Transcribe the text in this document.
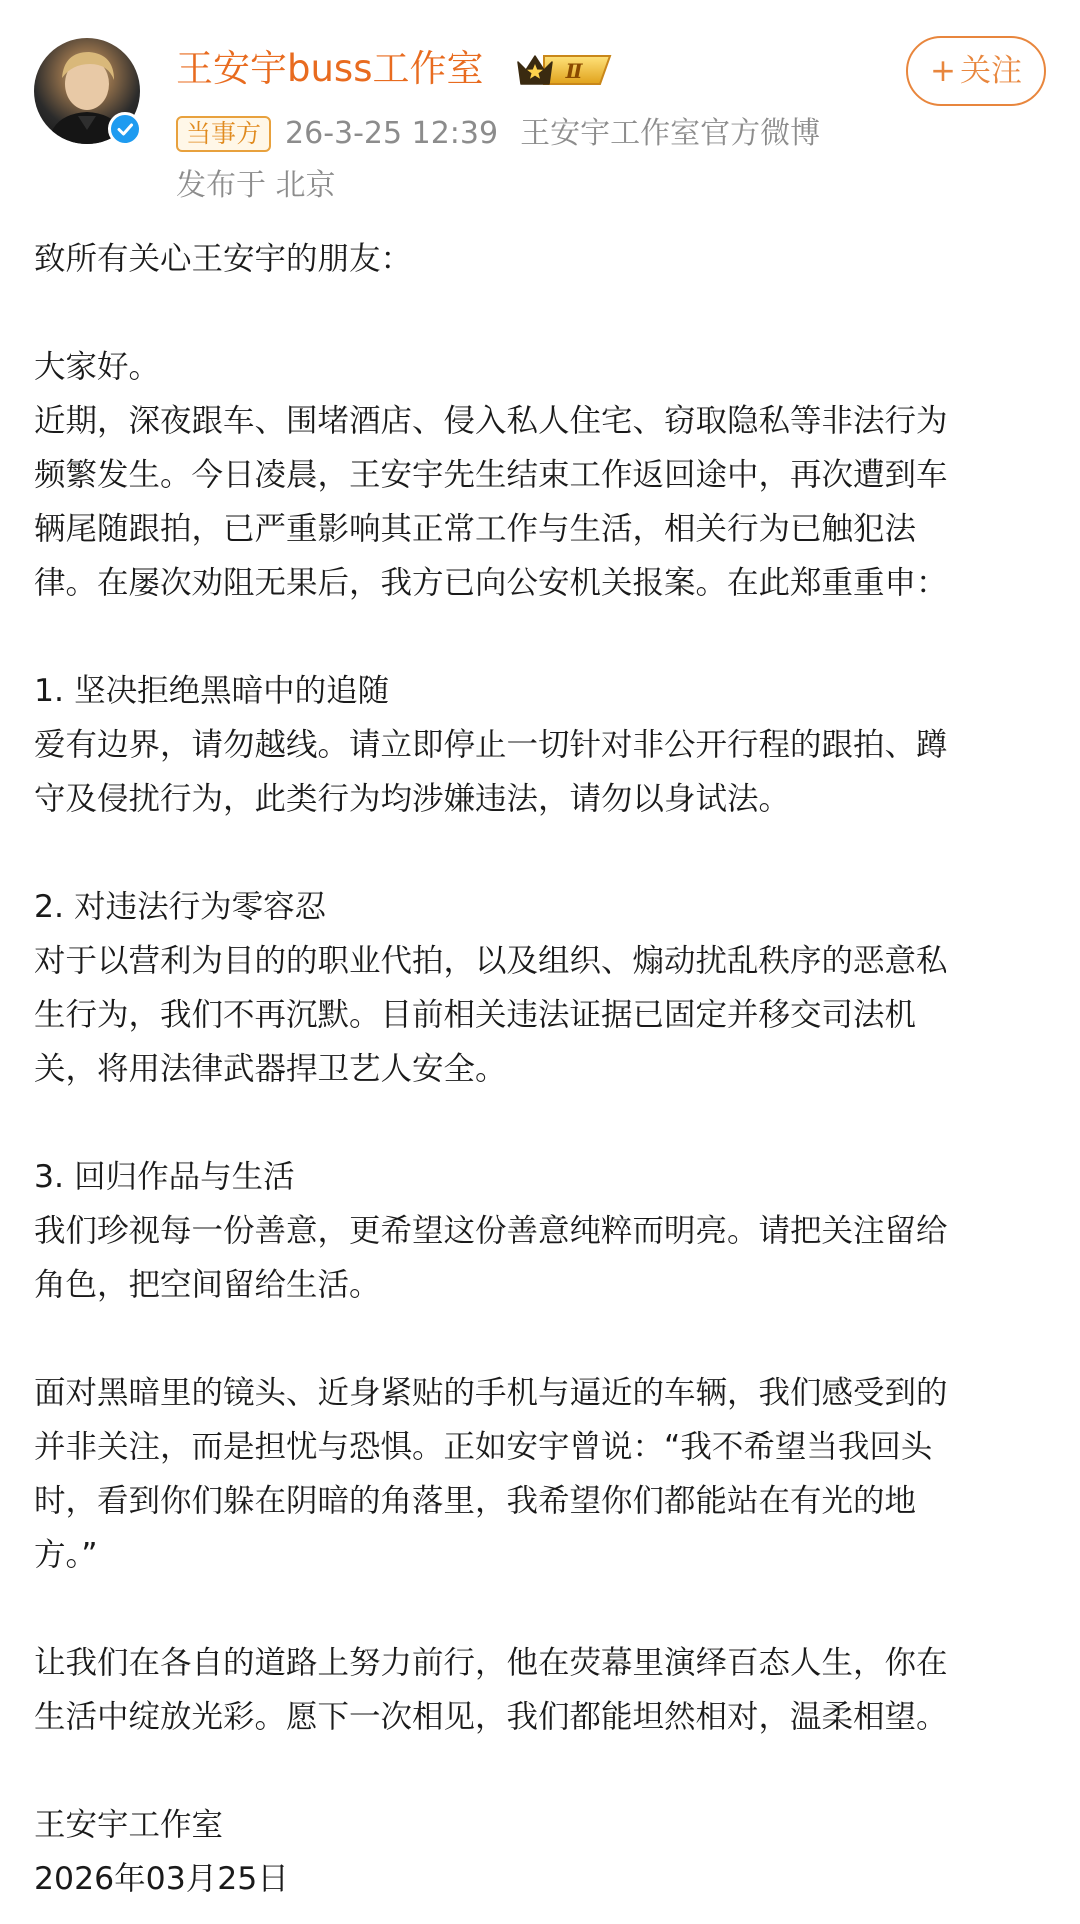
王安宇buss工作室	Ⅱ	+ 关注
当事方 26-3-25 12:39 王安宇工作室官方微博
发布于 北京

致所有关心王安宇的朋友：

大家好。

近期，深夜跟车、围堵酒店、侵入私人住宅、窃取隐私等非法行为

频繁发生。今日凌晨，王安宇先生结束工作返回途中，再次遭到车

辆尾随跟拍，已严重影响其正常工作与生活，相关行为已触犯法

律。在屡次劝阻无果后，我方已向公安机关报案。在此郑重重申：

1. 坚决拒绝黑暗中的追随

爱有边界，请勿越线。请立即停止一切针对非公开行程的跟拍、蹲

守及侵扰行为，此类行为均涉嫌违法，请勿以身试法。

2. 对违法行为零容忍

对于以营利为目的的职业代拍，以及组织、煽动扰乱秩序的恶意私

生行为，我们不再沉默。目前相关违法证据已固定并移交司法机

关，将用法律武器捍卫艺人安全。

3. 回归作品与生活

我们珍视每一份善意，更希望这份善意纯粹而明亮。请把关注留给

角色，把空间留给生活。

面对黑暗里的镜头、近身紧贴的手机与逼近的车辆，我们感受到的

并非关注，而是担忧与恐惧。正如安宇曾说：“我不希望当我回头

时，看到你们躲在阴暗的角落里，我希望你们都能站在有光的地

方。”

让我们在各自的道路上努力前行，他在荧幕里演绎百态人生，你在

生活中绽放光彩。愿下一次相见，我们都能坦然相对，温柔相望。

王安宇工作室

2026年03月25日
